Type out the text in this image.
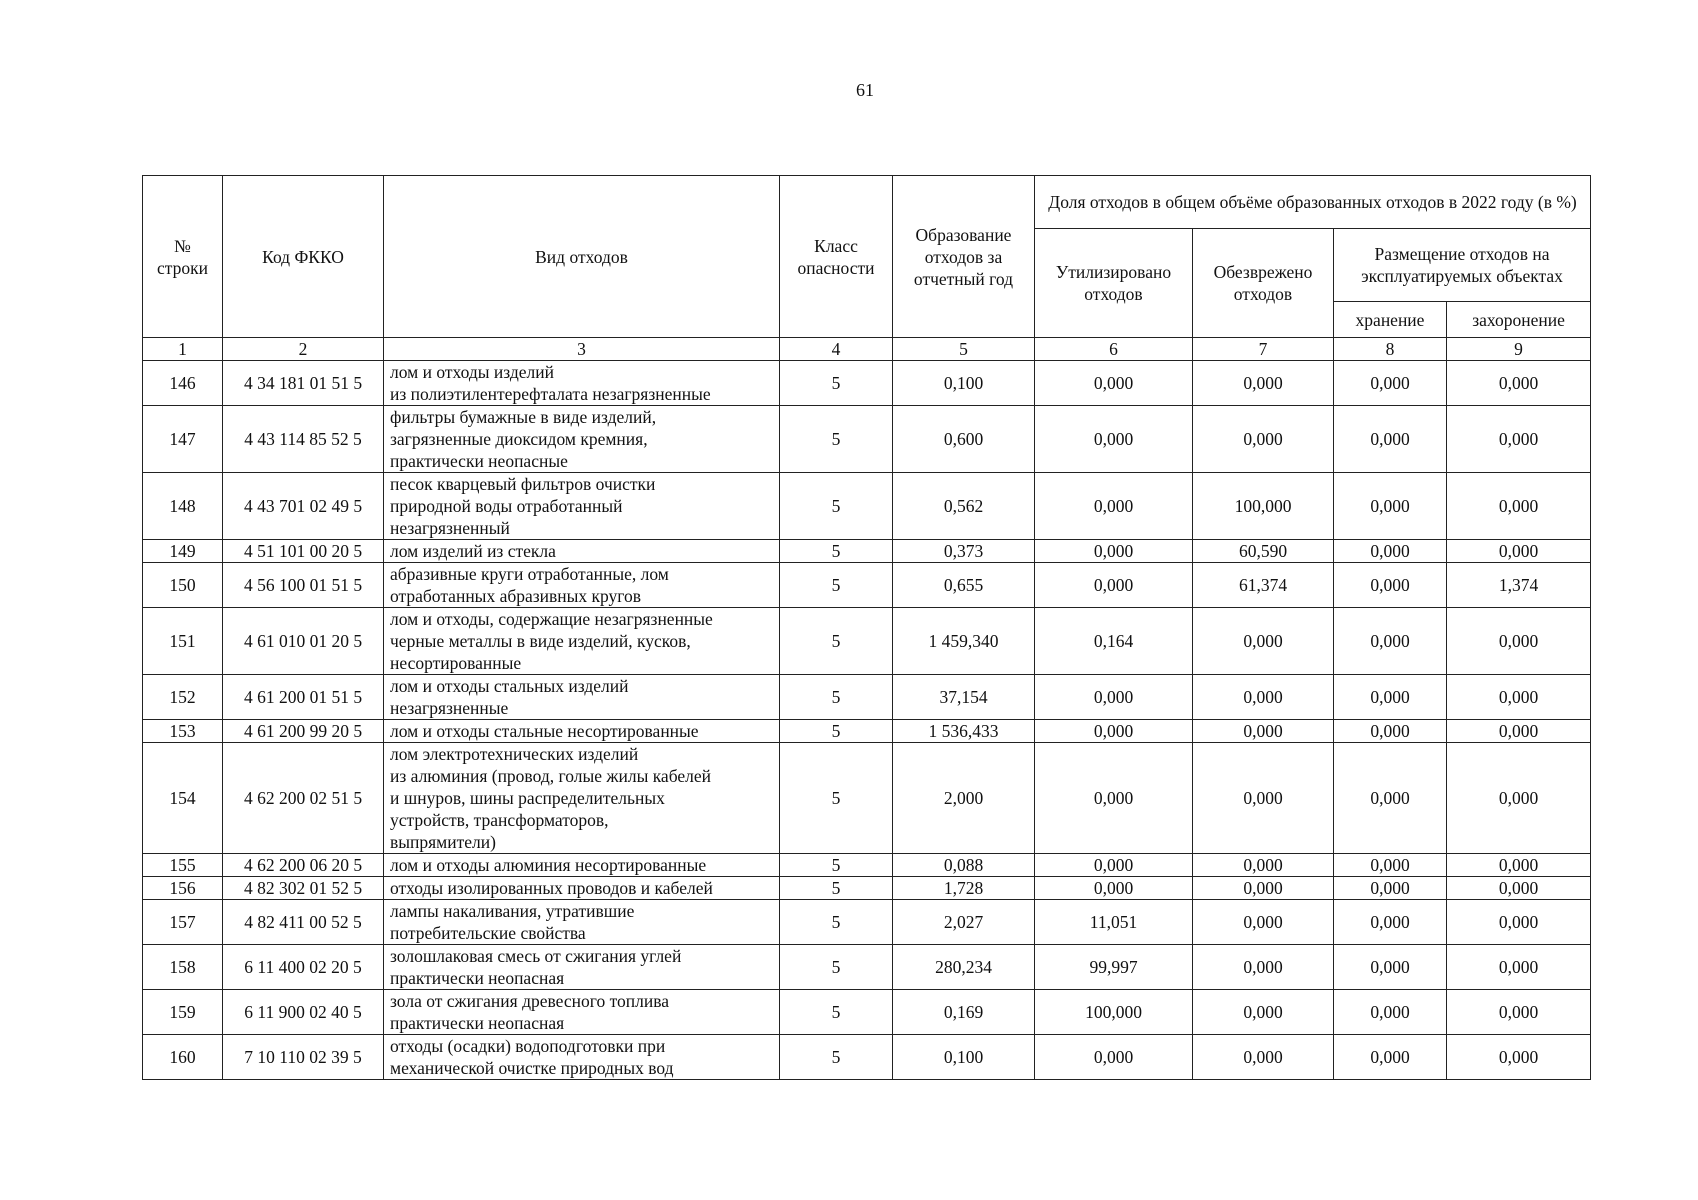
61
№ строки	Код ФККО	Вид отходов	Класс опасности	Образование отходов за отчетный год	Доля отходов в общем объёме образованных отходов в 2022 году (в %)			
					Утилизировано отходов	Обезврежено отходов	Размещение отходов на эксплуатируемых объектах	
							хранение	захоронение
1	2	3	4	5	6	7	8	9
146	4 34 181 01 51 5	лом и отходы изделий
из полиэтилентерефталата незагрязненные	5	0,100	0,000	0,000	0,000	0,000
147	4 43 114 85 52 5	фильтры бумажные в виде изделий,
загрязненные диоксидом кремния,
практически неопасные	5	0,600	0,000	0,000	0,000	0,000
148	4 43 701 02 49 5	песок кварцевый фильтров очистки
природной воды отработанный
незагрязненный	5	0,562	0,000	100,000	0,000	0,000
149	4 51 101 00 20 5	лом изделий из стекла	5	0,373	0,000	60,590	0,000	0,000
150	4 56 100 01 51 5	абразивные круги отработанные, лом
отработанных абразивных кругов	5	0,655	0,000	61,374	0,000	1,374
151	4 61 010 01 20 5	лом и отходы, содержащие незагрязненные
черные металлы в виде изделий, кусков,
несортированные	5	1 459,340	0,164	0,000	0,000	0,000
152	4 61 200 01 51 5	лом и отходы стальных изделий
незагрязненные	5	37,154	0,000	0,000	0,000	0,000
153	4 61 200 99 20 5	лом и отходы стальные несортированные	5	1 536,433	0,000	0,000	0,000	0,000
154	4 62 200 02 51 5	лом электротехнических изделий
из алюминия (провод, голые жилы кабелей
и шнуров, шины распределительных
устройств, трансформаторов,
выпрямители)	5	2,000	0,000	0,000	0,000	0,000
155	4 62 200 06 20 5	лом и отходы алюминия несортированные	5	0,088	0,000	0,000	0,000	0,000
156	4 82 302 01 52 5	отходы изолированных проводов и кабелей	5	1,728	0,000	0,000	0,000	0,000
157	4 82 411 00 52 5	лампы накаливания, утратившие
потребительские свойства	5	2,027	11,051	0,000	0,000	0,000
158	6 11 400 02 20 5	золошлаковая смесь от сжигания углей
практически неопасная	5	280,234	99,997	0,000	0,000	0,000
159	6 11 900 02 40 5	зола от сжигания древесного топлива
практически неопасная	5	0,169	100,000	0,000	0,000	0,000
160	7 10 110 02 39 5	отходы (осадки) водоподготовки при
механической очистке природных вод	5	0,100	0,000	0,000	0,000	0,000
